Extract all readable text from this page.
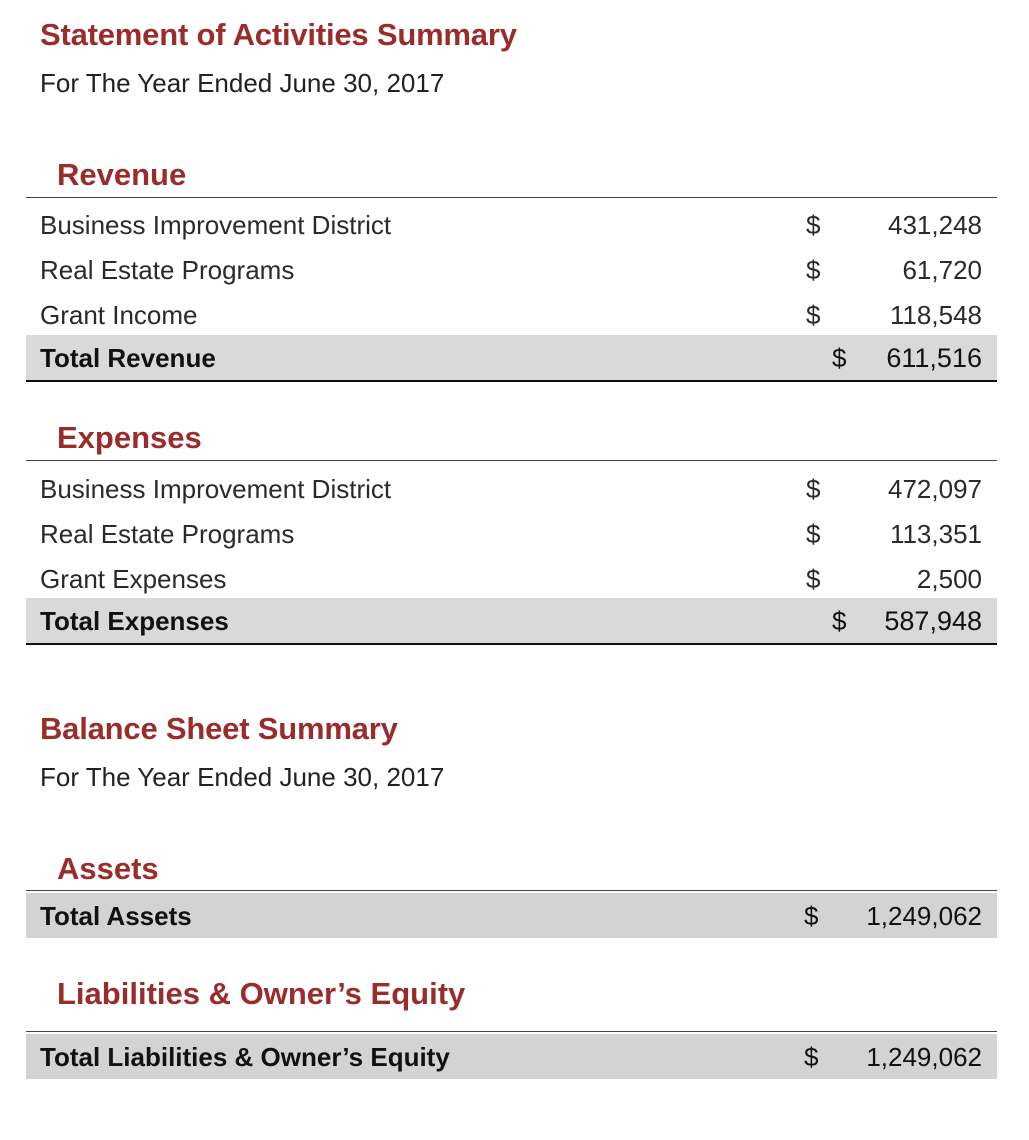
Statement of Activities Summary

For The Year Ended June 30, 2017

Revenue
Business Improvement District	$	431,248
Real Estate Programs	$	61,720
Grant Income	$	118,548
Total Revenue	$ 611,516
Expenses
Business Improvement District	$	472,097
Real Estate Programs	$	113,351
Grant Expenses	$	2,500
Total Expenses	$ 587,948
Balance Sheet Summary

For The Year Ended June 30, 2017

Assets
Total Assets	$ 1,249,062
Liabilities & Owner’s Equity
Total Liabilities & Owner’s Equity	$ 1,249,062
